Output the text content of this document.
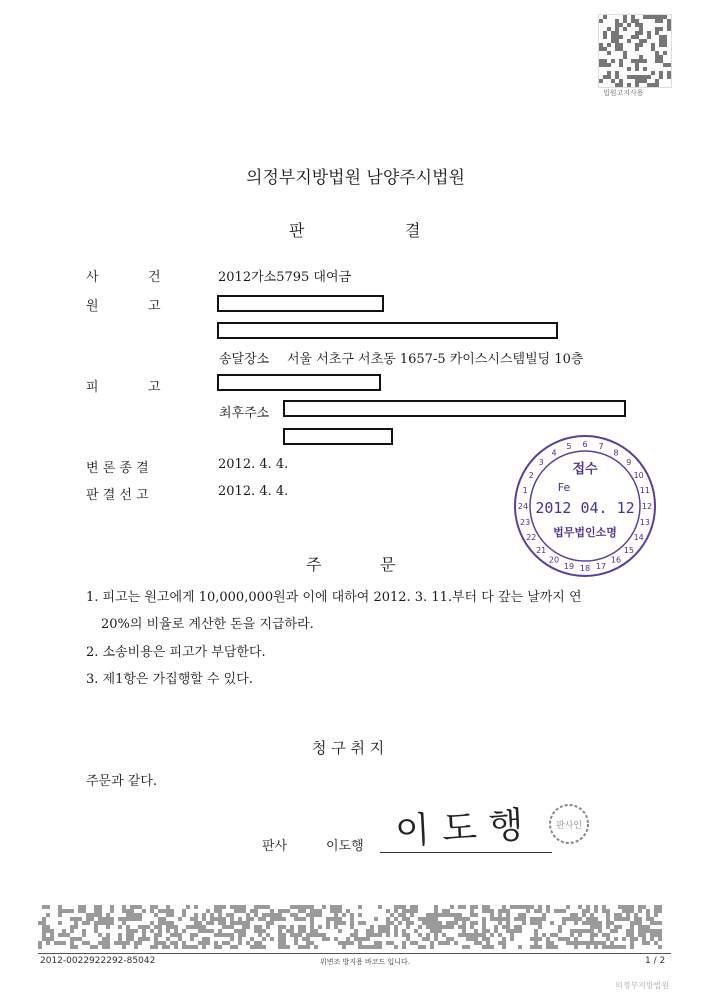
법원고지사용
의정부지방법원 남양주시법원
판	결
사	건	2012가소5795 대여금
원	고
송달장소 서울 서초구 서초동 1657-5 카이스시스템빌딩 10층
피	고
최후주소
변 론 종 결	2012. 4. 4.
판 결 선 고	2012. 4. 4.
접수
Fe
2012 04. 12
법무법인소명
1
2
3
4
5 6 7
8
9
10
11
12
13
14
15
16
17
18
19
20
21
22
23
24
주	문
1. 피고는 원고에게 10,000,000원과 이에 대하여 2012. 3. 11.부터 다 갚는 날까지 연
20%의 비율로 계산한 돈을 지급하라.
2. 소송비용은 피고가 부담한다.
3. 제1항은 가집행할 수 있다.
청 구 취 지
주문과 같다.
판사	이도행 이도행 판사인
2012-0022922292-85042	위변조 방지용 바코드 입니다.	1 / 2
의정부지방법원
